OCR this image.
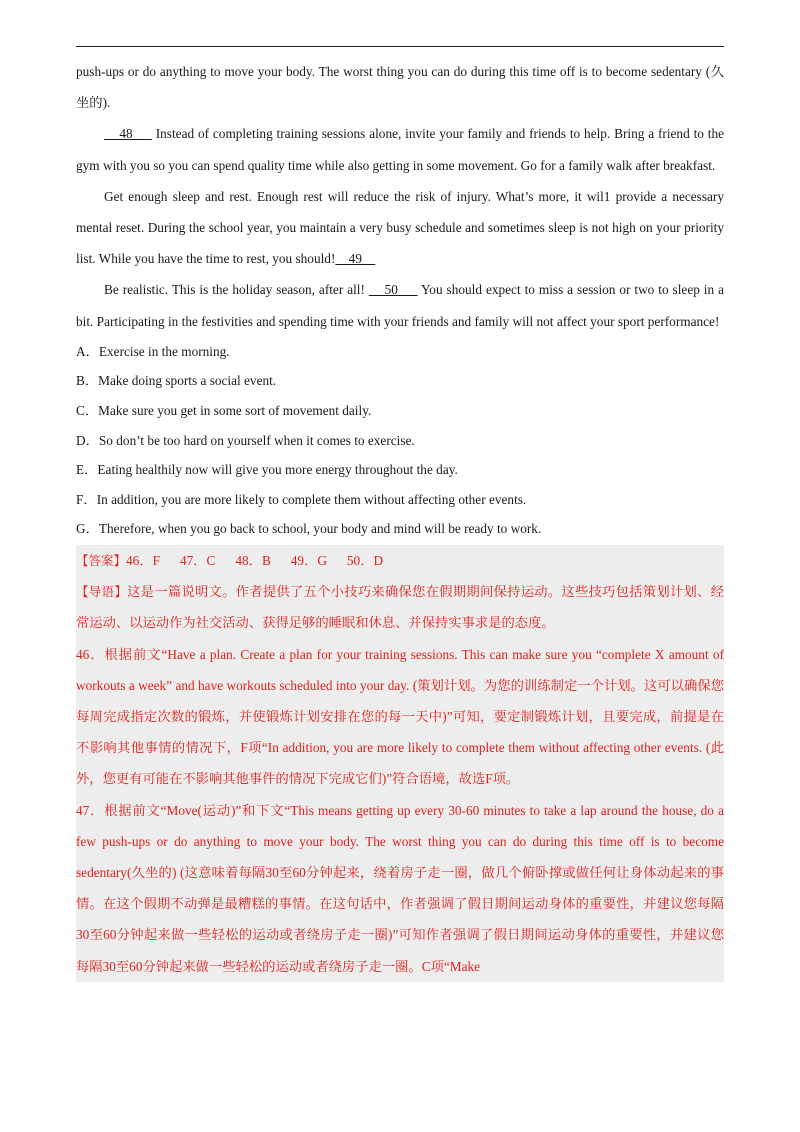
push-ups or do anything to move your body. The worst thing you can do during this time off is to become sedentary (久坐的).

48      Instead of completing training sessions alone, invite your family and friends to help. Bring a friend to the gym with you so you can spend quality time while also getting in some movement. Go for a family walk after breakfast.

Get enough sleep and rest. Enough rest will reduce the risk of injury. What’s more, it wil1 provide a necessary mental reset. During the school year, you maintain a very busy schedule and sometimes sleep is not high on your priority list. While you have the time to rest, you should!    49

Be realistic. This is the holiday season, after all!     50      You should expect to miss a session or two to sleep in a bit. Participating in the festivities and spending time with your friends and family will not affect your sport performance!

A．Exercise in the morning.

B．Make doing sports a social event.

C．Make sure you get in some sort of movement daily.

D．So don’t be too hard on yourself when it comes to exercise.

E．Eating healthily now will give you more energy throughout the day.

F．In addition, you are more likely to complete them without affecting other events.

G．Therefore, when you go back to school, your body and mind will be ready to work.

【答案】46．F      47．C      48．B      49．G      50．D

【导语】这是一篇说明文。作者提供了五个小技巧来确保您在假期期间保持运动。这些技巧包括策划计划、经常运动、以运动作为社交活动、获得足够的睡眠和休息、并保持实事求是的态度。

46．根据前文“Have a plan. Create a plan for your training sessions. This can make sure you “complete X amount of workouts a week” and have workouts scheduled into your day. (策划计划。为您的训练制定一个计划。这可以确保您每周完成指定次数的锻炼，并使锻炼计划安排在您的每一天中)”可知，要定制锻炼计划，且要完成，前提是在不影响其他事情的情况下，F项“In addition, you are more likely to complete them without affecting other events. (此外，您更有可能在不影响其他事件的情况下完成它们)”符合语境，故选F项。

47．根据前文“Move(运动)”和下文“This means getting up every 30-60 minutes to take a lap around the house, do a few push-ups or do anything to move your body. The worst thing you can do during this time off is to become sedentary(久坐的) (这意味着每隔30至60分钟起来，绕着房子走一圈，做几个俯卧撑或做任何让身体动起来的事情。在这个假期不动弹是最糟糕的事情。在这句话中，作者强调了假日期间运动身体的重要性，并建议您每隔30至60分钟起来做一些轻松的运动或者绕房子走一圈)”可知作者强调了假日期间运动身体的重要性，并建议您每隔30至60分钟起来做一些轻松的运动或者绕房子走一圈。C项“Make
